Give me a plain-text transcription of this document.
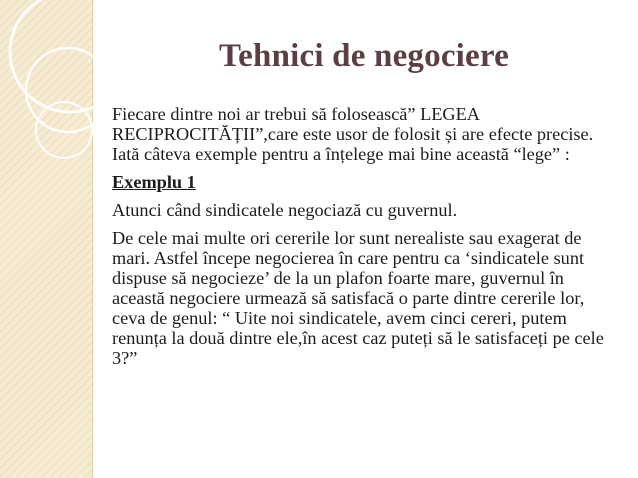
Tehnici de negociere

Fiecare dintre noi ar trebui să folosească” LEGEA RECIPROCITĂȚII”,care este usor de folosit și are efecte precise. Iată câteva exemple pentru a înțelege mai bine această “lege” :

Exemplu 1

Atunci când sindicatele negociază cu guvernul.

De cele mai multe ori cererile lor sunt nerealiste sau exagerat de mari. Astfel începe negocierea în care pentru ca ‘sindicatele sunt dispuse să negocieze’ de la un plafon foarte mare, guvernul în această negociere urmează să satisfacă o parte dintre cererile lor, ceva de genul: “ Uite noi sindicatele, avem cinci cereri, putem renunța la două dintre ele,în acest caz puteți să le satisfaceți pe cele 3?”
